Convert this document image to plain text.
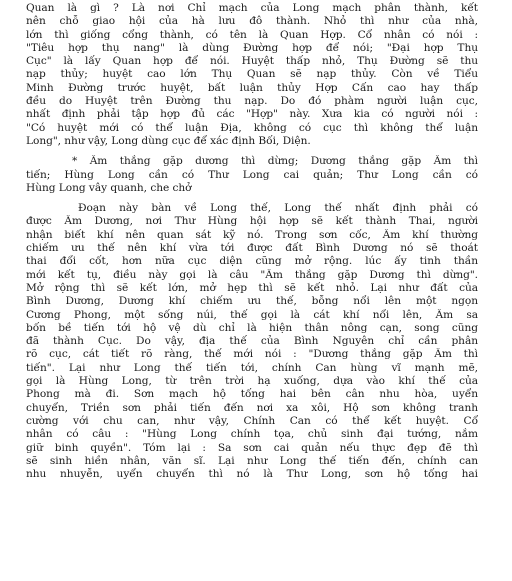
Quan là gì ? Là nơi Chỉ mạch của Long mạch phân thành, kết
nên chỗ giao hội của hà lưu đô thành. Nhỏ thì như của nhà,
lớn thì giống cổng thành, có tên là Quan Hợp. Cổ nhân có nói :
"Tiêu hợp thụ nang" là dùng Đường hợp để nói; "Đại hợp Thụ
Cục" là lấy Quan hợp để nói. Huyệt thấp nhỏ, Thụ Đường sẽ thu
nạp thủy; huyệt cao lớn Thụ Quan sẽ nạp thủy. Còn về Tiểu
Minh Đường trước huyệt, bất luận thủy Hợp Cấn cao hay thấp
đều do Huyệt trên Đường thu nạp. Do đó phàm người luận cục,
nhất định phải tập hợp đủ các "Hợp" này. Xưa kia có người nói :
"Có huyệt mới có thể luận Địa, không có cục thì không thể luận
Long", như vậy, Long dùng cục để xác định Bối, Diện.
* Âm thắng gặp dương thì dừng; Dương thắng gặp Âm thì
tiến; Hùng Long cần có Thư Long cai quản; Thư Long cần có
Hùng Long vây quanh, che chở
Đoạn này bàn về Long thế, Long thế nhất định phải có
được Âm Dương, nơi Thư Hùng hội hợp sẽ kết thành Thai, người
nhận biết khí nên quan sát kỹ nó. Trong sơn cốc, Âm khí thường
chiếm ưu thế nên khí vừa tới được đất Bình Dương nó sẽ thoát
thai đổi cốt, hơn nữa cục diện cũng mở rộng. lúc ấy tinh thần
mới kết tụ, điều này gọi là câu "Âm thắng gặp Dương thì dừng".
Mở rộng thì sẽ kết lớn, mở hẹp thì sẽ kết nhỏ. Lại như đất của
Bình Dương, Dương khí chiếm ưu thế, bỗng nổi lên một ngọn
Cương Phong, một sống núi, thế gọi là cát khí nổi lên, Âm sa
bốn bề tiến tới hộ vệ dù chỉ là hiện thân nông cạn, song cũng
đã thành Cục. Do vậy, địa thế của Bình Nguyên chỉ cần phân
rõ cục, cát tiết rõ ràng, thế mới nói : "Dương thắng gặp Âm thì
tiến". Lại như Long thế tiến tới, chính Can hùng vĩ mạnh mẽ,
gọi là Hùng Long, từ trên trời hạ xuống, dựa vào khí thế của
Phong mà đi. Sơn mạch hộ tống hai bên cân nhu hòa, uyển
chuyển, Triền sơn phải tiến đến nơi xa xôi, Hộ sơn không tranh
cường với chu can, như vậy, Chính Can có thể kết huyệt. Cổ
nhân có câu : "Hùng Long chính tọa, chủ sinh đại tướng, nắm
giữ binh quyền". Tóm lại : Sa sơn cai quản nếu thực đẹp đẽ thì
sẽ sinh hiền nhân, văn sĩ. Lại như Long thế tiến đến, chính can
nhu nhuyễn, uyển chuyển thì nó là Thư Long, sơn hộ tống hai
